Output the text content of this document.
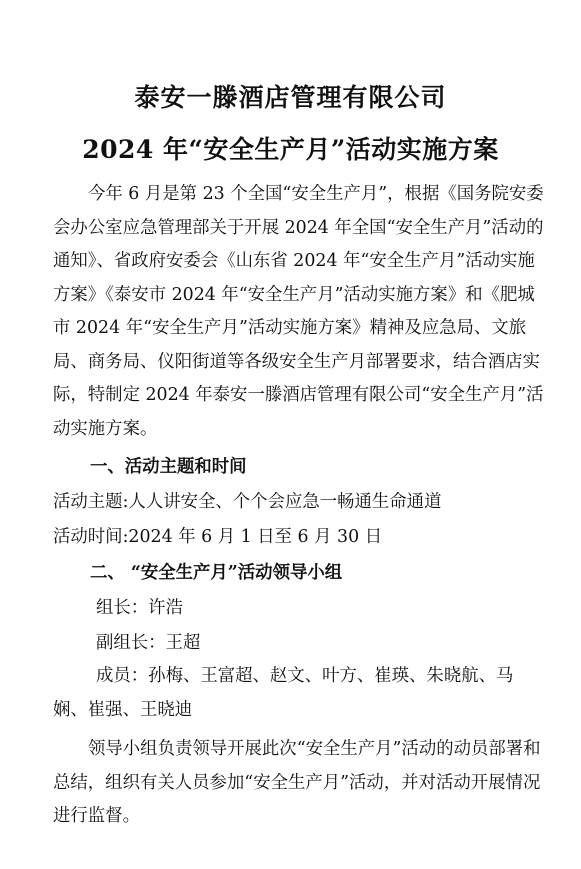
泰安一滕酒店管理有限公司
2024 年“安全生产月”活动实施方案

今年 6 月是第 23 个全国“安全生产月”，根据《国务院安委会办公室应急管理部关于开展 2024 年全国“安全生产月”活动的通知》、省政府安委会《山东省 2024 年“安全生产月”活动实施方案》《泰安市 2024 年“安全生产月”活动实施方案》和《肥城市 2024 年“安全生产月”活动实施方案》精神及应急局、文旅局、商务局、仪阳街道等各级安全生产月部署要求，结合酒店实际，特制定 2024 年泰安一滕酒店管理有限公司“安全生产月”活动实施方案。

一、活动主题和时间
活动主题:人人讲安全、个个会应急一畅通生命通道
活动时间:2024 年 6 月 1 日至 6 月 30 日
二、 “安全生产月”活动领导小组
组长：许浩
副组长：王超

成员：孙梅、王富超、赵文、叶方、崔瑛、朱晓航、马娴、崔强、王晓迪

领导小组负责领导开展此次“安全生产月”活动的动员部署和总结，组织有关人员参加“安全生产月”活动，并对活动开展情况进行监督。
